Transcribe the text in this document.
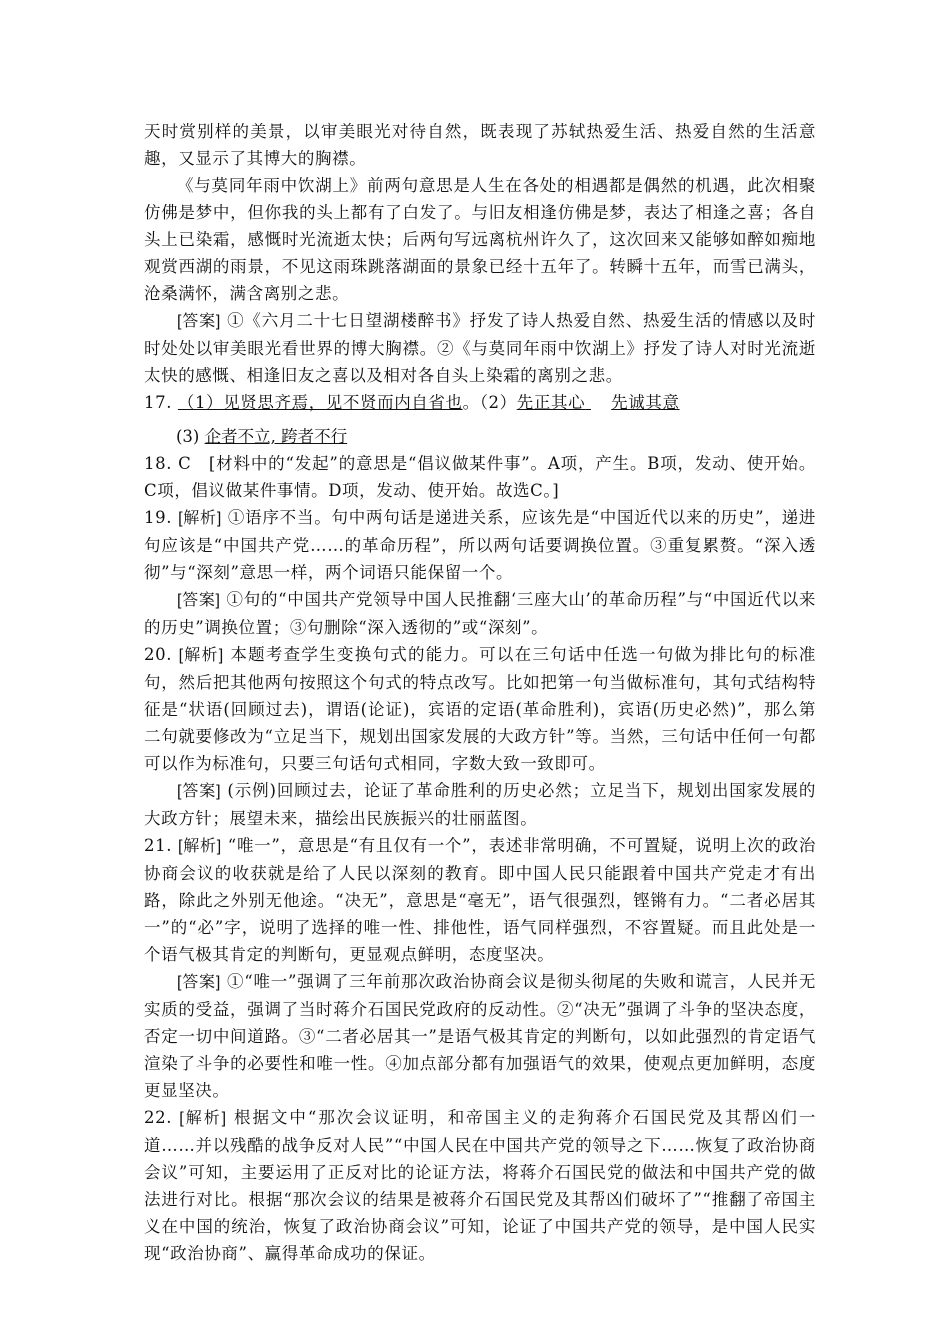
天时赏别样的美景，以审美眼光对待自然，既表现了苏轼热爱生活、热爱自然的生活意趣，又显示了其博大的胸襟。

《与莫同年雨中饮湖上》前两句意思是人生在各处的相遇都是偶然的机遇，此次相聚仿佛是梦中，但你我的头上都有了白发了。与旧友相逢仿佛是梦，表达了相逢之喜；各自头上已染霜，感慨时光流逝太快；后两句写远离杭州许久了，这次回来又能够如醉如痴地观赏西湖的雨景，不见这雨珠跳落湖面的景象已经十五年了。转瞬十五年，而雪已满头，沧桑满怀，满含离别之悲。

[答案] ①《六月二十七日望湖楼醉书》抒发了诗人热爱自然、热爱生活的情感以及时时处处以审美眼光看世界的博大胸襟。②《与莫同年雨中饮湖上》抒发了诗人对时光流逝太快的感慨、相逢旧友之喜以及相对各自头上染霜的离别之悲。

17. （1）见贤思齐焉，见不贤而内自省也。（2）先正其心 先诚其意

(3) 企者不立, 跨者不行

18. C　[材料中的“发起”的意思是“倡议做某件事”。A项，产生。B项，发动、使开始。C项，倡议做某件事情。D项，发动、使开始。故选C。]

19. [解析] ①语序不当。句中两句话是递进关系，应该先是“中国近代以来的历史”，递进句应该是“中国共产党……的革命历程”，所以两句话要调换位置。③重复累赘。“深入透彻”与“深刻”意思一样，两个词语只能保留一个。

[答案] ①句的“中国共产党领导中国人民推翻‘三座大山’的革命历程”与“中国近代以来的历史”调换位置；③句删除“深入透彻的”或“深刻”。

20. [解析] 本题考查学生变换句式的能力。可以在三句话中任选一句做为排比句的标准句，然后把其他两句按照这个句式的特点改写。比如把第一句当做标准句，其句式结构特征是“状语(回顾过去)，谓语(论证)，宾语的定语(革命胜利)，宾语(历史必然)”，那么第二句就要修改为“立足当下，规划出国家发展的大政方针”等。当然，三句话中任何一句都可以作为标准句，只要三句话句式相同，字数大致一致即可。

[答案] (示例)回顾过去，论证了革命胜利的历史必然；立足当下，规划出国家发展的大政方针；展望未来，描绘出民族振兴的壮丽蓝图。

21. [解析] “唯一”，意思是“有且仅有一个”，表述非常明确，不可置疑，说明上次的政治协商会议的收获就是给了人民以深刻的教育。即中国人民只能跟着中国共产党走才有出路，除此之外别无他途。“决无”，意思是“毫无”，语气很强烈，铿锵有力。“二者必居其一”的“必”字，说明了选择的唯一性、排他性，语气同样强烈，不容置疑。而且此处是一个语气极其肯定的判断句，更显观点鲜明，态度坚决。

[答案] ①“唯一”强调了三年前那次政治协商会议是彻头彻尾的失败和谎言，人民并无实质的受益，强调了当时蒋介石国民党政府的反动性。②“决无”强调了斗争的坚决态度，否定一切中间道路。③“二者必居其一”是语气极其肯定的判断句，以如此强烈的肯定语气渲染了斗争的必要性和唯一性。④加点部分都有加强语气的效果，使观点更加鲜明，态度更显坚决。

22. [解析] 根据文中“那次会议证明，和帝国主义的走狗蒋介石国民党及其帮凶们一道……并以残酷的战争反对人民”“中国人民在中国共产党的领导之下……恢复了政治协商会议”可知，主要运用了正反对比的论证方法，将蒋介石国民党的做法和中国共产党的做法进行对比。根据“那次会议的结果是被蒋介石国民党及其帮凶们破坏了”“推翻了帝国主义在中国的统治，恢复了政治协商会议”可知，论证了中国共产党的领导，是中国人民实现“政治协商”、赢得革命成功的保证。
